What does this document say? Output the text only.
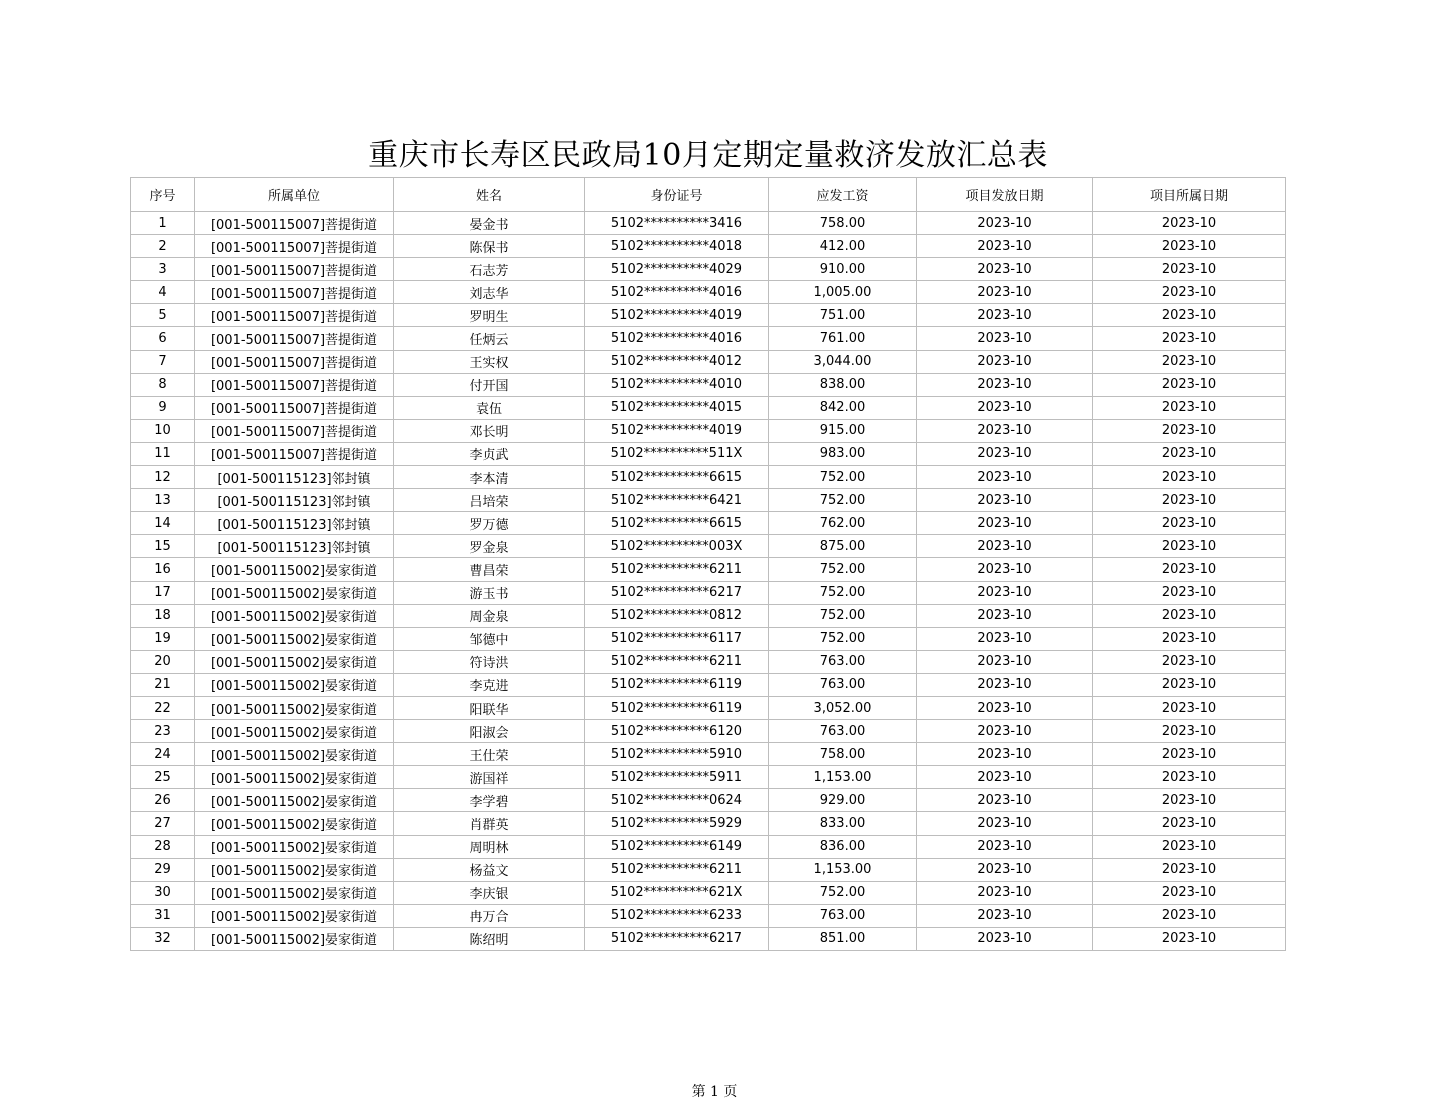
重庆市长寿区民政局10月定期定量救济发放汇总表
序号	所属单位	姓名	身份证号	应发工资	项目发放日期	项目所属日期
1	[001-500115007]菩提街道	晏金书	5102**********3416	758.00	2023-10	2023-10
2	[001-500115007]菩提街道	陈保书	5102**********4018	412.00	2023-10	2023-10
3	[001-500115007]菩提街道	石志芳	5102**********4029	910.00	2023-10	2023-10
4	[001-500115007]菩提街道	刘志华	5102**********4016	1,005.00	2023-10	2023-10
5	[001-500115007]菩提街道	罗明生	5102**********4019	751.00	2023-10	2023-10
6	[001-500115007]菩提街道	任炳云	5102**********4016	761.00	2023-10	2023-10
7	[001-500115007]菩提街道	王实权	5102**********4012	3,044.00	2023-10	2023-10
8	[001-500115007]菩提街道	付开国	5102**********4010	838.00	2023-10	2023-10
9	[001-500115007]菩提街道	袁伍	5102**********4015	842.00	2023-10	2023-10
10	[001-500115007]菩提街道	邓长明	5102**********4019	915.00	2023-10	2023-10
11	[001-500115007]菩提街道	李贞武	5102**********511X	983.00	2023-10	2023-10
12	[001-500115123]邻封镇	李本清	5102**********6615	752.00	2023-10	2023-10
13	[001-500115123]邻封镇	吕培荣	5102**********6421	752.00	2023-10	2023-10
14	[001-500115123]邻封镇	罗万德	5102**********6615	762.00	2023-10	2023-10
15	[001-500115123]邻封镇	罗金泉	5102**********003X	875.00	2023-10	2023-10
16	[001-500115002]晏家街道	曹昌荣	5102**********6211	752.00	2023-10	2023-10
17	[001-500115002]晏家街道	游玉书	5102**********6217	752.00	2023-10	2023-10
18	[001-500115002]晏家街道	周金泉	5102**********0812	752.00	2023-10	2023-10
19	[001-500115002]晏家街道	邹德中	5102**********6117	752.00	2023-10	2023-10
20	[001-500115002]晏家街道	符诗洪	5102**********6211	763.00	2023-10	2023-10
21	[001-500115002]晏家街道	李克进	5102**********6119	763.00	2023-10	2023-10
22	[001-500115002]晏家街道	阳联华	5102**********6119	3,052.00	2023-10	2023-10
23	[001-500115002]晏家街道	阳淑会	5102**********6120	763.00	2023-10	2023-10
24	[001-500115002]晏家街道	王仕荣	5102**********5910	758.00	2023-10	2023-10
25	[001-500115002]晏家街道	游国祥	5102**********5911	1,153.00	2023-10	2023-10
26	[001-500115002]晏家街道	李学碧	5102**********0624	929.00	2023-10	2023-10
27	[001-500115002]晏家街道	肖群英	5102**********5929	833.00	2023-10	2023-10
28	[001-500115002]晏家街道	周明林	5102**********6149	836.00	2023-10	2023-10
29	[001-500115002]晏家街道	杨益文	5102**********6211	1,153.00	2023-10	2023-10
30	[001-500115002]晏家街道	李庆银	5102**********621X	752.00	2023-10	2023-10
31	[001-500115002]晏家街道	冉万合	5102**********6233	763.00	2023-10	2023-10
32	[001-500115002]晏家街道	陈绍明	5102**********6217	851.00	2023-10	2023-10
第 1 页
